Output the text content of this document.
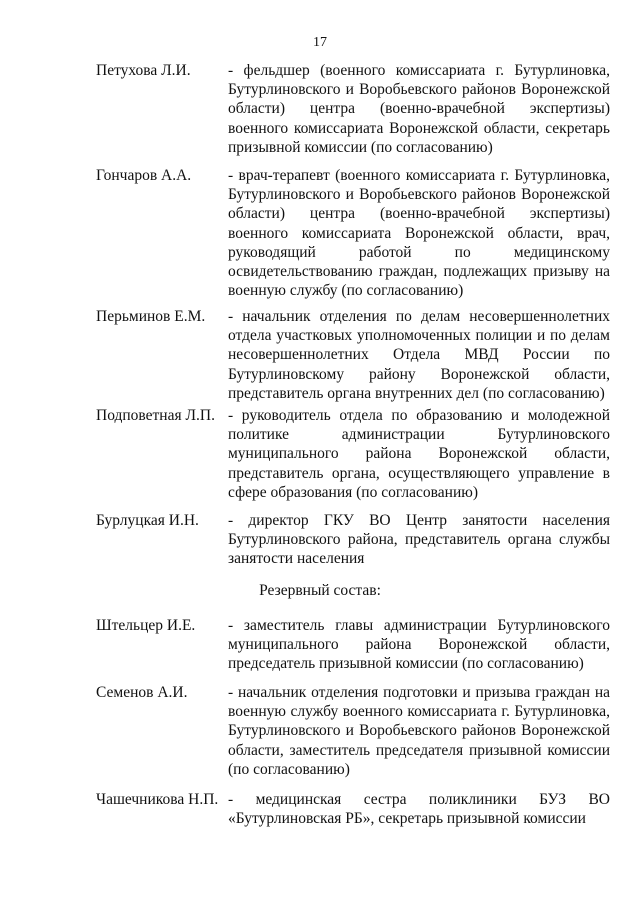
17
Петухова Л.И.	- фельдшер (военного комиссариата г. Бутурлиновка, Бутурлиновского и Воробьевского районов Воронежской области) центра (военно-врачебной экспертизы) военного комиссариата Воронежской области, секретарь призывной комиссии (по согласованию)
Гончаров А.А.	- врач-терапевт (военного комиссариата г. Бутурлиновка, Бутурлиновского и Воробьевского районов Воронежской области) центра (военно-врачебной экспертизы) военного комиссариата Воронежской области, врач, руководящий работой по медицинскому освидетельствованию граждан, подлежащих призыву на военную службу (по согласованию)
Перьминов Е.М.	- начальник отделения по делам несовершеннолетних отдела участковых уполномоченных полиции и по делам несовершеннолетних Отдела МВД России по Бутурлиновскому району Воронежской области, представитель органа внутренних дел (по согласованию)
Подповетная Л.П. - руководитель отдела по образованию и молодежной политике администрации Бутурлиновского муниципального района Воронежской области, представитель органа, осуществляющего управление в сфере образования (по согласованию)
Бурлуцкая И.Н.	- директор ГКУ ВО Центр занятости населения Бутурлиновского района, представитель органа службы занятости населения
Резервный состав:
Штельцер И.Е.	- заместитель главы администрации Бутурлиновского муниципального района Воронежской области, председатель призывной комиссии (по согласованию)
Семенов А.И.	- начальник отделения подготовки и призыва граждан на военную службу военного комиссариата г. Бутурлиновка, Бутурлиновского и Воробьевского районов Воронежской области, заместитель председателя призывной комиссии (по согласованию)
Чашечникова Н.П. - медицинская сестра поликлиники БУЗ ВО «Бутурлиновская РБ», секретарь призывной комиссии
